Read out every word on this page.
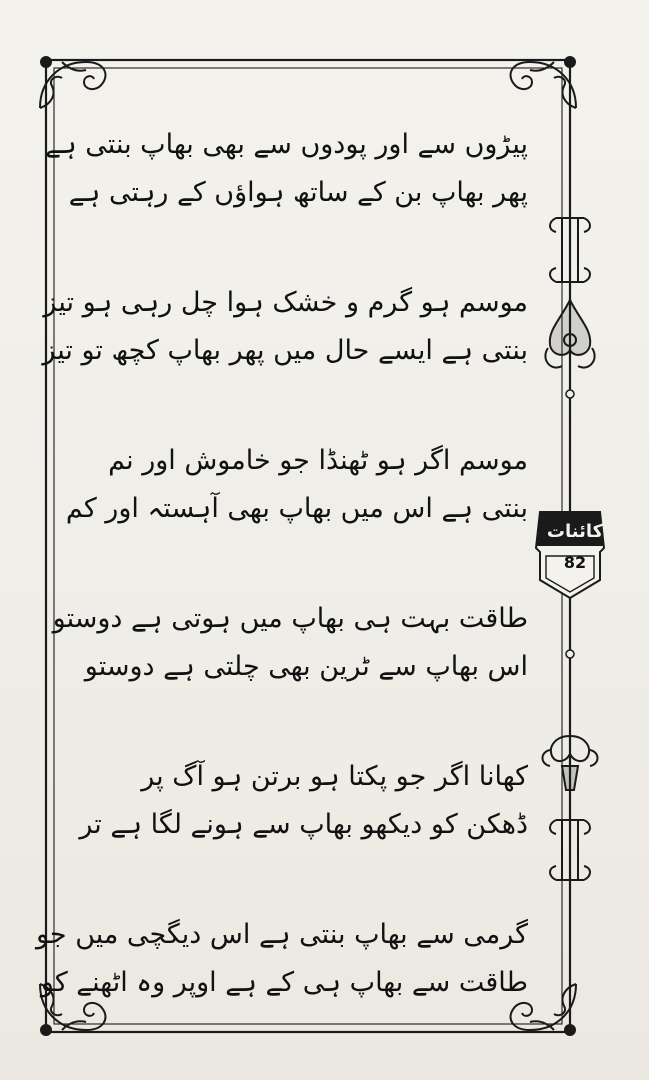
کائنات
82
پیڑوں سے اور پودوں سے بھی بھاپ بنتی ہے
پھر بھاپ بن کے ساتھ ہواؤں کے رہتی ہے
موسم ہو گرم و خشک ہوا چل رہی ہو تیز
بنتی ہے ایسے حال میں پھر بھاپ کچھ تو تیز
موسم اگر ہو ٹھنڈا جو خاموش اور نم
بنتی ہے اس میں بھاپ بھی آہستہ اور کم
طاقت بہت ہی بھاپ میں ہوتی ہے دوستو
اس بھاپ سے ٹرین بھی چلتی ہے دوستو
کھانا اگر جو پکتا ہو برتن ہو آگ پر
ڈھکن کو دیکھو بھاپ سے ہونے لگا ہے تر
گرمی سے بھاپ بنتی ہے اس دیگچی میں جو
طاقت سے بھاپ ہی کے ہے اوپر وہ اٹھنے کو
